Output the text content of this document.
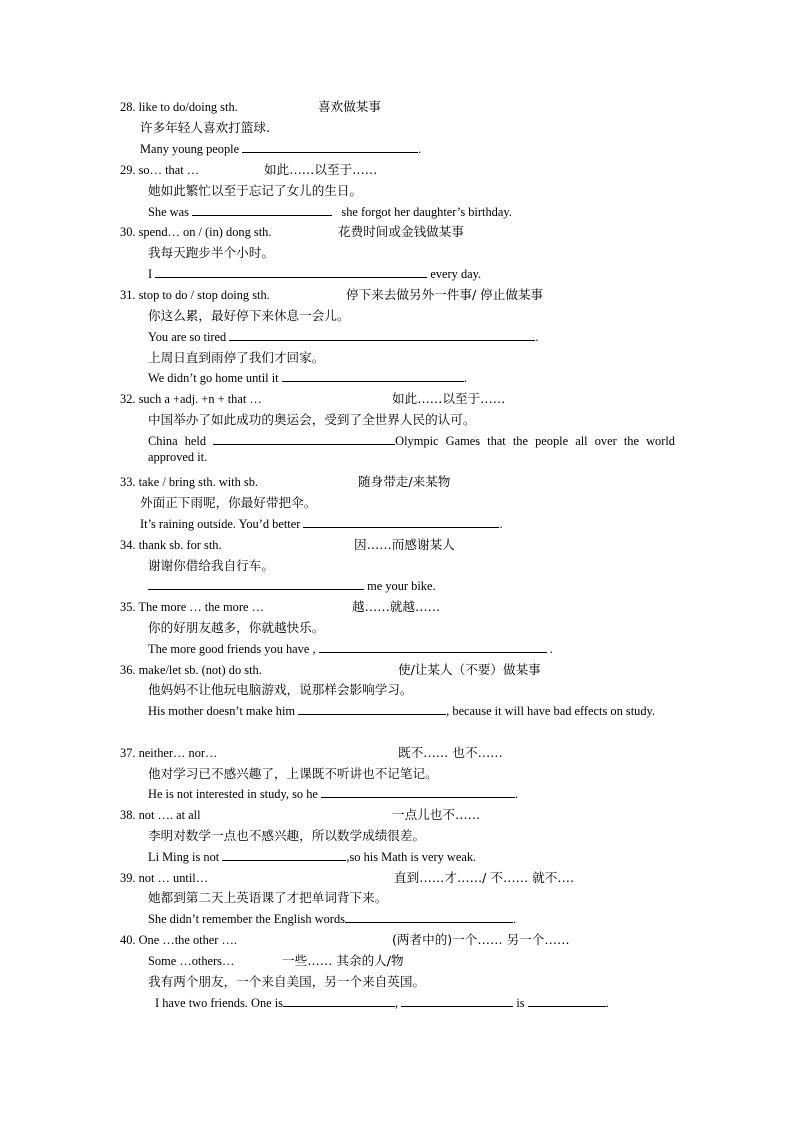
28. like to do/doing sth.	喜欢做某事
许多年轻人喜欢打篮球.
Many young people	.
29. so… that …	如此……以至于……
她如此繁忙以至于忘记了女儿的生日。
She was	she forgot her daughter’s birthday.
30. spend… on / (in) dong sth.	花费时间或金钱做某事
我每天跑步半个小时。
I	every day.
31. stop to do / stop doing sth.	停下来去做另外一件事/ 停止做某事
你这么累，最好停下来休息一会儿。
You are so tired	.
上周日直到雨停了我们才回家。
We didn’t go home until it	.
32. such a +adj. +n + that …	如此……以至于……
中国举办了如此成功的奥运会，受到了全世界人民的认可。
China held	Olympic Games that the people all over the world approved it.
33. take / bring sth. with sb.	随身带走/来某物
外面正下雨呢，你最好带把伞。
It’s raining outside. You’d better	.
34. thank sb. for sth.	因……而感谢某人
谢谢你借给我自行车。
me your bike.
35. The more … the more …	越……就越……
你的好朋友越多，你就越快乐。
The more good friends you have ,	.
36. make/let sb. (not) do sth.	使/让某人（不要）做某事
他妈妈不让他玩电脑游戏，说那样会影响学习。
His mother doesn’t make him	, because it will have bad effects on study.
37. neither… nor…	既不…… 也不……
他对学习已不感兴趣了，上课既不听讲也不记笔记。
He is not interested in study, so he	.
38. not …. at all	一点儿也不……
李明对数学一点也不感兴趣，所以数学成绩很差。
Li Ming is not	,so his Math is very weak.
39. not … until…	直到……才……/ 不…… 就不….
她都到第二天上英语课了才把单词背下来。
She didn’t remember the English words	.
40. One …the other ….	(两者中的)一个…… 另一个……
Some …others…	一些…… 其余的人/物
我有两个朋友，一个来自美国，另一个来自英国。
I have two friends. One is	,	is	.
